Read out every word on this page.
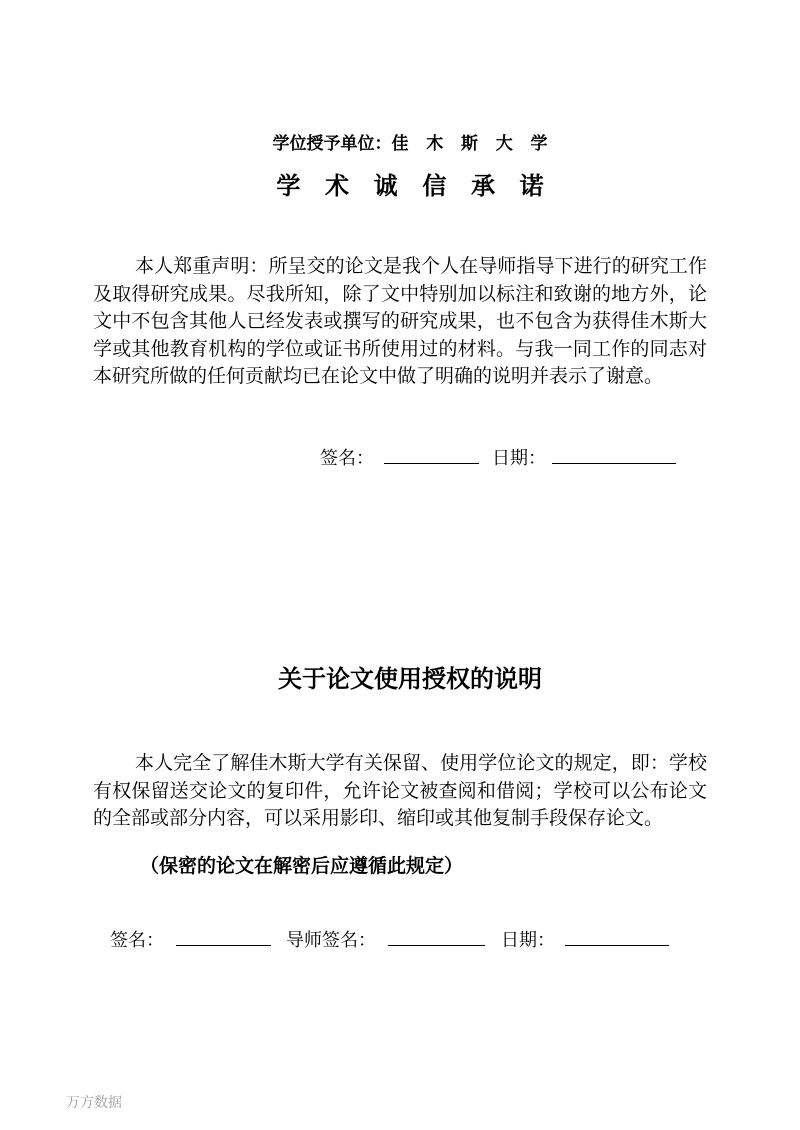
学位授予单位：佳 木 斯 大 学
学 术 诚 信 承 诺
本人郑重声明：所呈交的论文是我个人在导师指导下进行的研究工作及取得研究成果。尽我所知，除了文中特别加以标注和致谢的地方外，论文中不包含其他人已经发表或撰写的研究成果，也不包含为获得佳木斯大学或其他教育机构的学位或证书所使用过的材料。与我一同工作的同志对本研究所做的任何贡献均已在论文中做了明确的说明并表示了谢意。
签名：	日期：
关于论文使用授权的说明
本人完全了解佳木斯大学有关保留、使用学位论文的规定，即：学校有权保留送交论文的复印件，允许论文被查阅和借阅；学校可以公布论文的全部或部分内容，可以采用影印、缩印或其他复制手段保存论文。
（保密的论文在解密后应遵循此规定）
签名：	导师签名：	日期：
万方数据
